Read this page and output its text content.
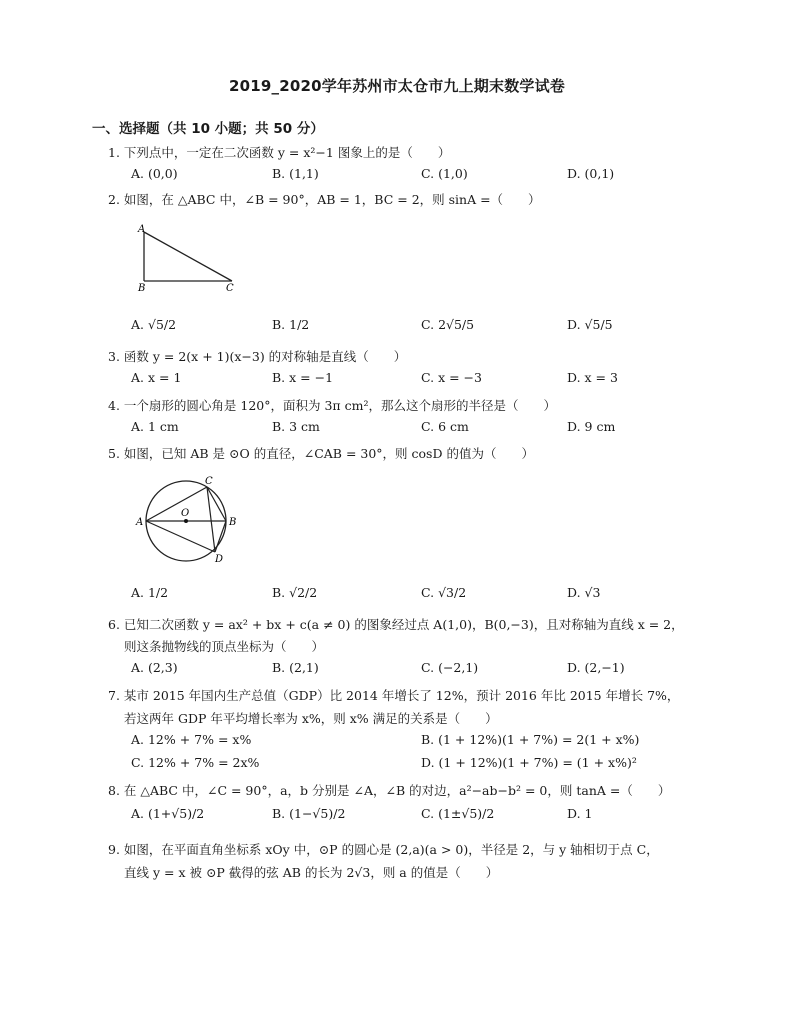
2019_2020学年苏州市太仓市九上期末数学试卷
一、选择题（共 10 小题；共 50 分）
1. 下列点中，一定在二次函数 y = x²−1 图象上的是（　　）
A. (0,0)	B. (1,1)	C. (1,0)	D. (0,1)
2. 如图，在 △ABC 中，∠B = 90°，AB = 1，BC = 2，则 sinA =（　　）
A
B	C
A. √5/2	B. 1/2	C. 2√5/5	D. √5/5
3. 函数 y = 2(x + 1)(x−3) 的对称轴是直线（　　）
A. x = 1	B. x = −1	C. x = −3	D. x = 3
4. 一个扇形的圆心角是 120°，面积为 3π cm²，那么这个扇形的半径是（　　）
A. 1 cm	B. 3 cm	C. 6 cm	D. 9 cm
5. 如图，已知 AB 是 ⊙O 的直径，∠CAB = 30°，则 cosD 的值为（　　）
A
O
B
C
D
A. 1/2	B. √2/2	C. √3/2	D. √3
6. 已知二次函数 y = ax² + bx + c(a ≠ 0) 的图象经过点 A(1,0)，B(0,−3)，且对称轴为直线 x = 2，
则这条抛物线的顶点坐标为（　　）
A. (2,3)	B. (2,1)	C. (−2,1)	D. (2,−1)
7. 某市 2015 年国内生产总值（GDP）比 2014 年增长了 12%，预计 2016 年比 2015 年增长 7%，
若这两年 GDP 年平均增长率为 x%，则 x% 满足的关系是（　　）
A. 12% + 7% = x%	B. (1 + 12%)(1 + 7%) = 2(1 + x%)
C. 12% + 7% = 2x%	D. (1 + 12%)(1 + 7%) = (1 + x%)²
8. 在 △ABC 中，∠C = 90°，a，b 分别是 ∠A，∠B 的对边，a²−ab−b² = 0，则 tanA =（　　）
A. (1+√5)/2	B. (1−√5)/2	C. (1±√5)/2	D. 1
9. 如图，在平面直角坐标系 xOy 中，⊙P 的圆心是 (2,a)(a > 0)，半径是 2，与 y 轴相切于点 C，
直线 y = x 被 ⊙P 截得的弦 AB 的长为 2√3，则 a 的值是（　　）
